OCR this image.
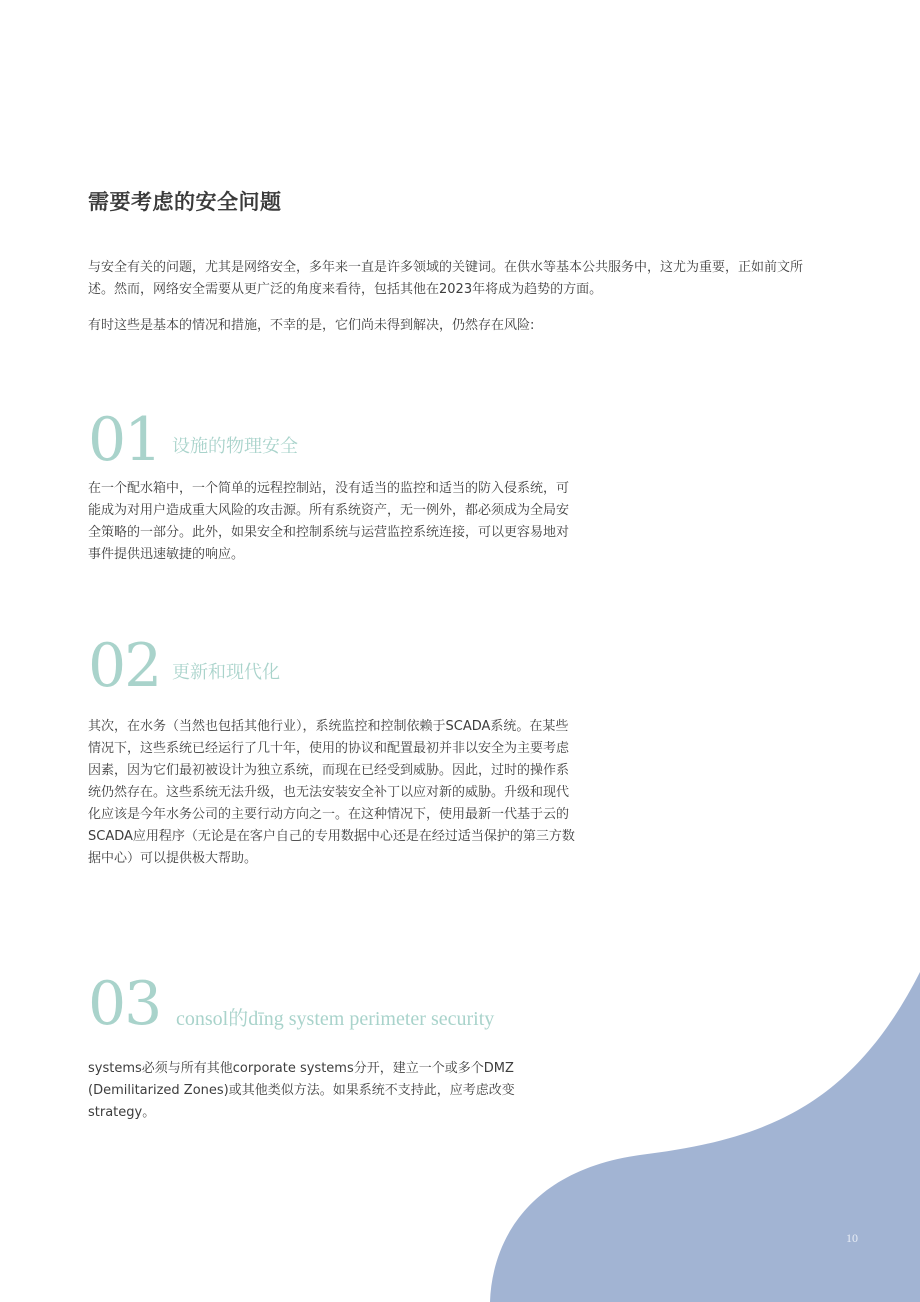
需要考虑的安全问题

与安全有关的问题，尤其是网络安全，多年来一直是许多领域的关键词。在供水等基本公共服务中，这尤为重要，正如前文所述。然而，网络安全需要从更广泛的角度来看待，包括其他在2023年将成为趋势的方面。

有时这些是基本的情况和措施，不幸的是，它们尚未得到解决，仍然存在风险:

01 设施的物理安全

在一个配水箱中，一个简单的远程控制站，没有适当的监控和适当的防入侵系统，可能成为对用户造成重大风险的攻击源。所有系统资产，无一例外，都必须成为全局安全策略的一部分。此外，如果安全和控制系统与运营监控系统连接，可以更容易地对事件提供迅速敏捷的响应。

02 更新和现代化

其次，在水务（当然也包括其他行业），系统监控和控制依赖于SCADA系统。在某些情况下，这些系统已经运行了几十年，使用的协议和配置最初并非以安全为主要考虑因素，因为它们最初被设计为独立系统，而现在已经受到威胁。因此，过时的操作系统仍然存在。这些系统无法升级，也无法安装安全补丁以应对新的威胁。升级和现代化应该是今年水务公司的主要行动方向之一。在这种情况下，使用最新一代基于云的SCADA应用程序（无论是在客户自己的专用数据中心还是在经过适当保护的第三方数据中心）可以提供极大帮助。

03 consol的dīng system perimeter security

systems必须与所有其他corporate systems分开，建立一个或多个DMZ (Demilitarized Zones)或其他类似方法。如果系统不支持此，应考虑改变strategy。

10
